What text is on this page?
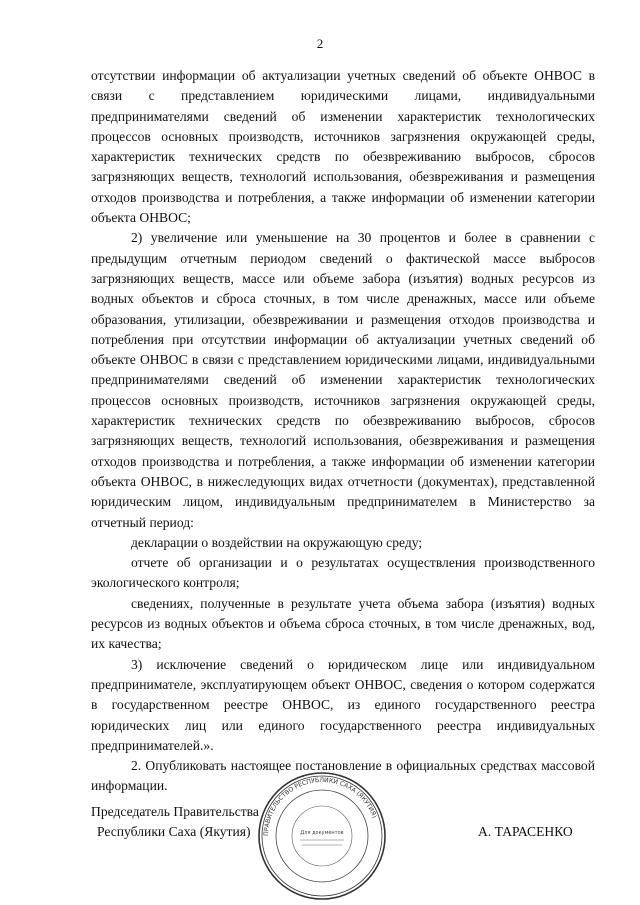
2

отсутствии информации об актуализации учетных сведений об объекте ОНВОС в связи с представлением юридическими лицами, индивидуальными предпринимателями сведений об изменении характеристик технологических процессов основных производств, источников загрязнения окружающей среды, характеристик технических средств по обезвреживанию выбросов, сбросов загрязняющих веществ, технологий использования, обезвреживания и размещения отходов производства и потребления, а также информации об изменении категории объекта ОНВОС;

2) увеличение или уменьшение на 30 процентов и более в сравнении с предыдущим отчетным периодом сведений о фактической массе выбросов загрязняющих веществ, массе или объеме забора (изъятия) водных ресурсов из водных объектов и сброса сточных, в том числе дренажных, массе или объеме образования, утилизации, обезвреживании и размещения отходов производства и потребления при отсутствии информации об актуализации учетных сведений об объекте ОНВОС в связи с представлением юридическими лицами, индивидуальными предпринимателями сведений об изменении характеристик технологических процессов основных производств, источников загрязнения окружающей среды, характеристик технических средств по обезвреживанию выбросов, сбросов загрязняющих веществ, технологий использования, обезвреживания и размещения отходов производства и потребления, а также информации об изменении категории объекта ОНВОС, в нижеследующих видах отчетности (документах), представленной юридическим лицом, индивидуальным предпринимателем в Министерство за отчетный период:

декларации о воздействии на окружающую среду;

отчете об организации и о результатах осуществления производственного экологического контроля;

сведениях, полученные в результате учета объема забора (изъятия) водных ресурсов из водных объектов и объема сброса сточных, в том числе дренажных, вод, их качества;

3) исключение сведений о юридическом лице или индивидуальном предпринимателе, эксплуатирующем объект ОНВОС, сведения о котором содержатся в государственном реестре ОНВОС, из единого государственного реестра юридических лиц или единого государственного реестра индивидуальных предпринимателей.».

2. Опубликовать настоящее постановление в официальных средствах массовой информации.

Председатель Правительства
Республики Саха (Якутия)	А. ТАРАСЕНКО
ПРАВИТЕЛЬСТВО РЕСПУБЛИКИ САХА (ЯКУТИЯ)
Для документов
